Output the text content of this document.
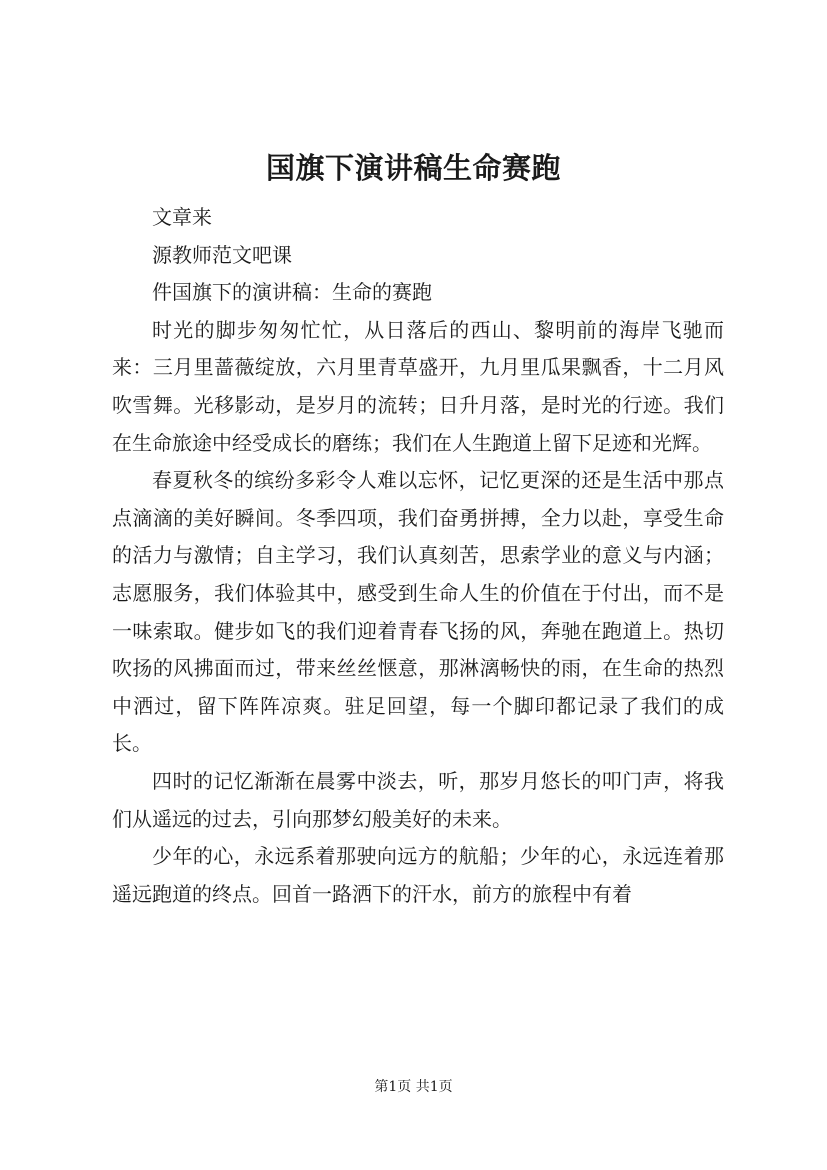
国旗下演讲稿生命赛跑

文章来

源教师范文吧课

件国旗下的演讲稿：生命的赛跑

时光的脚步匆匆忙忙，从日落后的西山、黎明前的海岸飞驰而来：三月里蔷薇绽放，六月里青草盛开，九月里瓜果飘香，十二月风吹雪舞。光移影动，是岁月的流转；日升月落，是时光的行迹。我们在生命旅途中经受成长的磨练；我们在人生跑道上留下足迹和光辉。

春夏秋冬的缤纷多彩令人难以忘怀，记忆更深的还是生活中那点点滴滴的美好瞬间。冬季四项，我们奋勇拼搏，全力以赴，享受生命的活力与激情；自主学习，我们认真刻苦，思索学业的意义与内涵；志愿服务，我们体验其中，感受到生命人生的价值在于付出，而不是一味索取。健步如飞的我们迎着青春飞扬的风，奔驰在跑道上。热切吹扬的风拂面而过，带来丝丝惬意，那淋漓畅快的雨，在生命的热烈中洒过，留下阵阵凉爽。驻足回望，每一个脚印都记录了我们的成长。

四时的记忆渐渐在晨雾中淡去，听，那岁月悠长的叩门声，将我们从遥远的过去，引向那梦幻般美好的未来。

少年的心，永远系着那驶向远方的航船；少年的心，永远连着那遥远跑道的终点。回首一路洒下的汗水，前方的旅程中有着

第1页 共1页
